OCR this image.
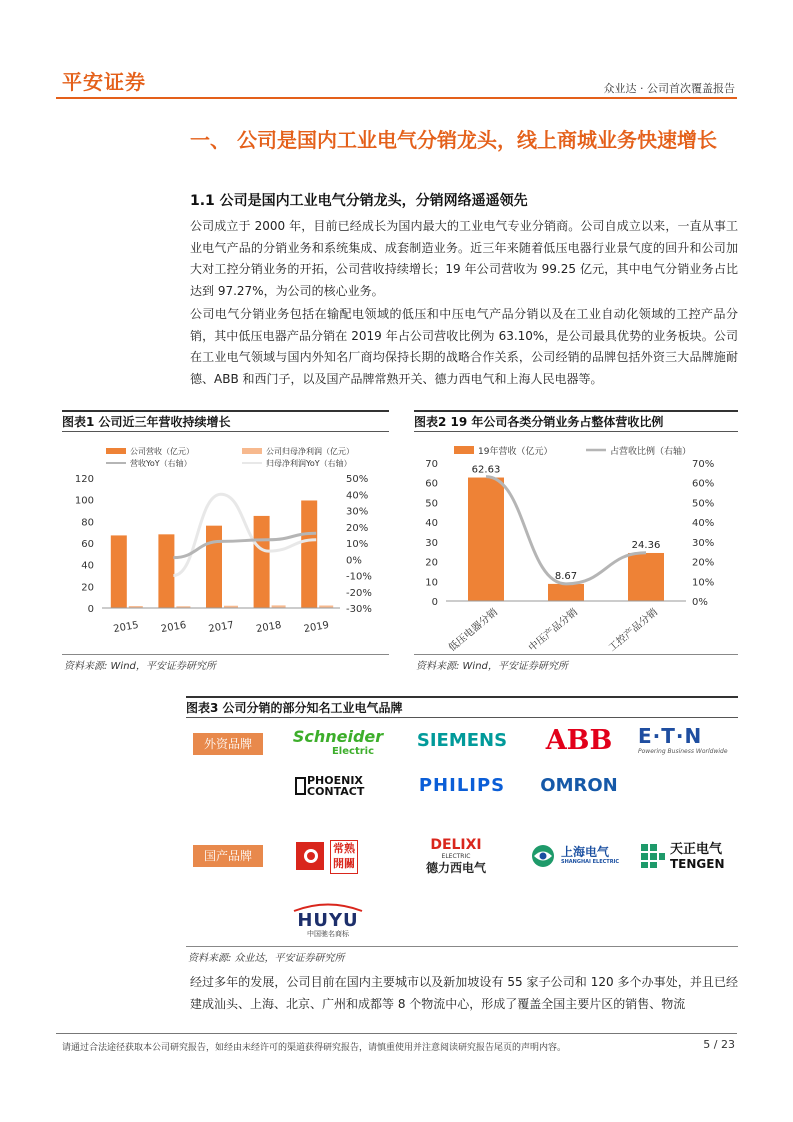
平安证券	众业达 · 公司首次覆盖报告
一、 公司是国内工业电气分销龙头，线上商城业务快速增长
1.1 公司是国内工业电气分销龙头，分销网络遥遥领先
公司成立于 2000 年，目前已经成长为国内最大的工业电气专业分销商。公司自成立以来，一直从事工业电气产品的分销业务和系统集成、成套制造业务。近三年来随着低压电器行业景气度的回升和公司加大对工控分销业务的开拓，公司营收持续增长；19 年公司营收为 99.25 亿元，其中电气分销业务占比达到 97.27%，为公司的核心业务。
公司电气分销业务包括在输配电领域的低压和中压电气产品分销以及在工业自动化领域的工控产品分销，其中低压电器产品分销在 2019 年占公司营收比例为 63.10%，是公司最具优势的业务板块。公司在工业电气领域与国内外知名厂商均保持长期的战略合作关系，公司经销的品牌包括外资三大品牌施耐德、ABB 和西门子，以及国产品牌常熟开关、德力西电气和上海人民电器等。
图表1 公司近三年营收持续增长
公司营收（亿元）	公司归母净利润（亿元）
营收YoY（右轴）	归母净利润YoY（右轴）
0
20
40
60
80
100
120
-30%
-20%
-10%
0%
10%
20%
30%
40%
50%
2015 2016 2017 2018 2019
资料来源: Wind，平安证券研究所
图表2 19 年公司各类分销业务占整体营收比例
19年营收（亿元）	占营收比例（右轴）
0
10
20
30
40
50
60
70
0%
10%
20%
30%
40%
50%
60%
70%
62.63
8.67
24.36
低压电器分销	中压产品分销	工控产品分销
资料来源: Wind，平安证券研究所
图表3 公司分销的部分知名工业电气品牌
外资品牌
国产品牌
Schneider
Electric
SIEMENS ABB E·T·N
Powering Business Worldwide
PHOENIX
CONTACT	PHILIPS	OMRON
常熟開關
DELIXI
ELECTRIC
德力西电气
上海电气
SHANGHAI ELECTRIC
天正电气
TENGEN
HUYU
中国驰名商标
资料来源: 众业达，平安证券研究所
经过多年的发展，公司目前在国内主要城市以及新加坡设有 55 家子公司和 120 多个办事处，并且已经建成汕头、上海、北京、广州和成都等 8 个物流中心，形成了覆盖全国主要片区的销售、物流
请通过合法途径获取本公司研究报告，如经由未经许可的渠道获得研究报告，请慎重使用并注意阅读研究报告尾页的声明内容。	5 / 23
